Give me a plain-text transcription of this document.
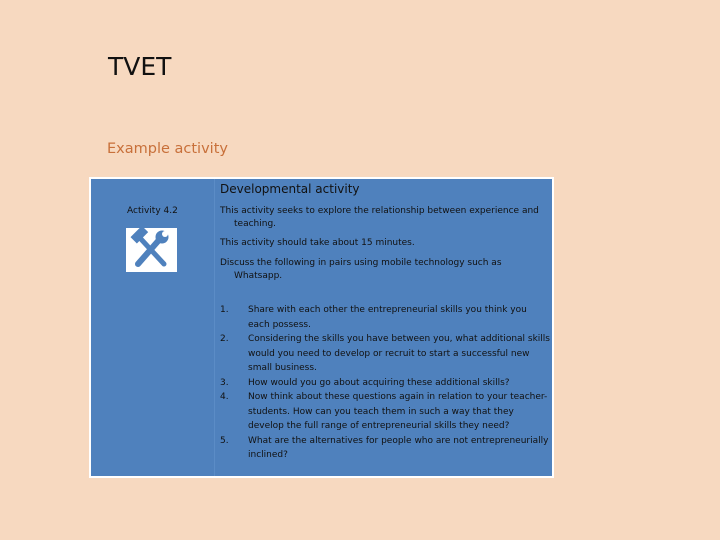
TVET
Example activity
Developmental activity
Activity 4.2	This activity seeks to explore the relationship between experience and
teaching.
This activity should take about 15 minutes.
Discuss the following in pairs using mobile technology such as
Whatsapp.
1.	Share with each other the entrepreneurial skills you think you each possess.
2.	Considering the skills you have between you, what additional skills would you need to develop or recruit to start a successful new small business.
3.	How would you go about acquiring these additional skills?
4.	Now think about these questions again in relation to your teacher-students. How can you teach them in such a way that they develop the full range of entrepreneurial skills they need?
5.	What are the alternatives for people who are not entrepreneurially inclined?
